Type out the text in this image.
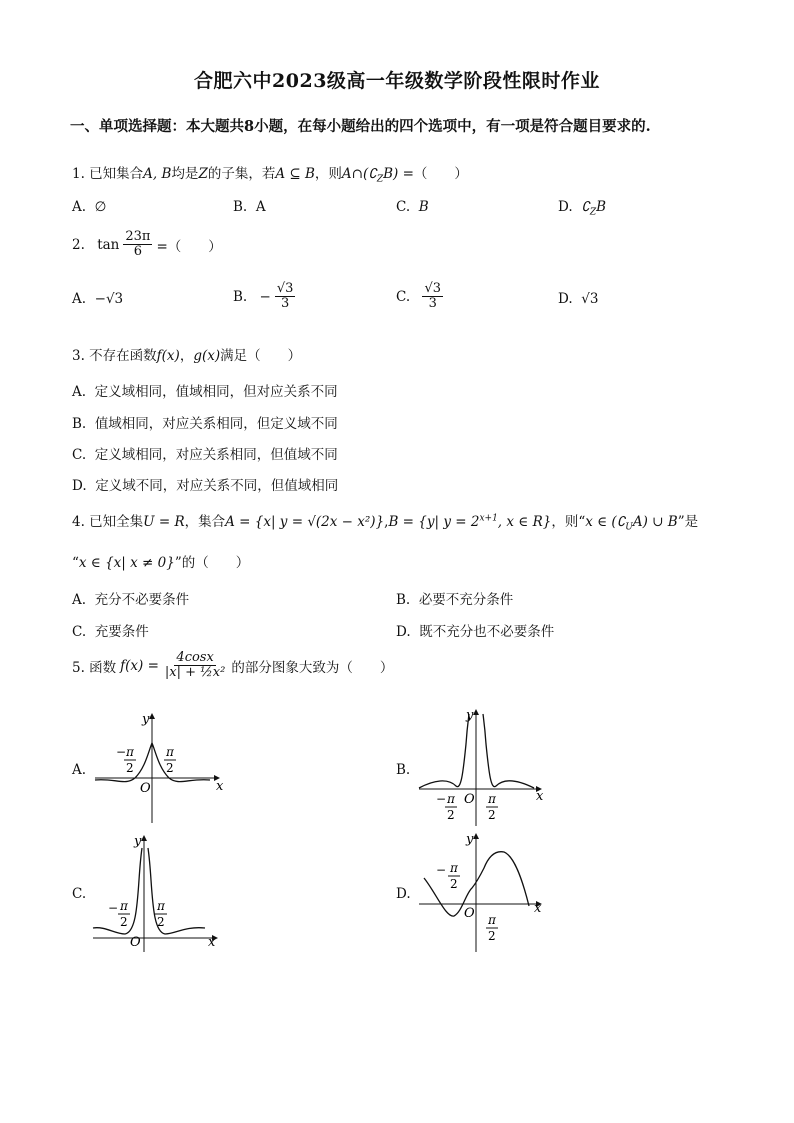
合肥六中2023级高一年级数学阶段性限时作业
一、单项选择题：本大题共8小题，在每小题给出的四个选项中，有一项是符合题目要求的.
1. 已知集合A, B均是Z的子集，若A ⊆ B，则$A\cap(∁_ZB)$ =（　　）
A. ∅	B. A	C. B	D. $∁_ZB$
2.
$\tan \frac{23\pi}{6}$ =（　　）
A. −√3	B.
− $\frac{√3}{3}$	C.
$\frac{√3}{3}$	D. √3
3. 不存在函数f(x)，g(x)满足（　　）
A. 定义域相同，值域相同，但对应关系不同
B. 值域相同，对应关系相同，但定义域不同
C. 定义域相同，对应关系相同，但值域不同
D. 定义域不同，对应关系不同，但值域相同
4. 已知全集U = R，集合A = {x| y = √(2x − x²)},B = {y| $y = 2^{x+1}$, x ∈ R}，则“x ∈ $(∁_UA)$ ∪ B”是
“x ∈ {x| x ≠ 0}”的（　　）
A. 充分不必要条件	B. 必要不充分条件
C. 充要条件	D. 既不充分也不必要条件
5. 函数 $f(x) = \frac{4\cos x}{\text{|x| + ½x²}}$ 的部分图象大致为（　　）
A.
y
x
O
− π
2
π
2	B.
y
x
O
− π
2
π
2
C.
y
x
O
− π
2
π
2
D.
y
x
O
− π
2
π
2
